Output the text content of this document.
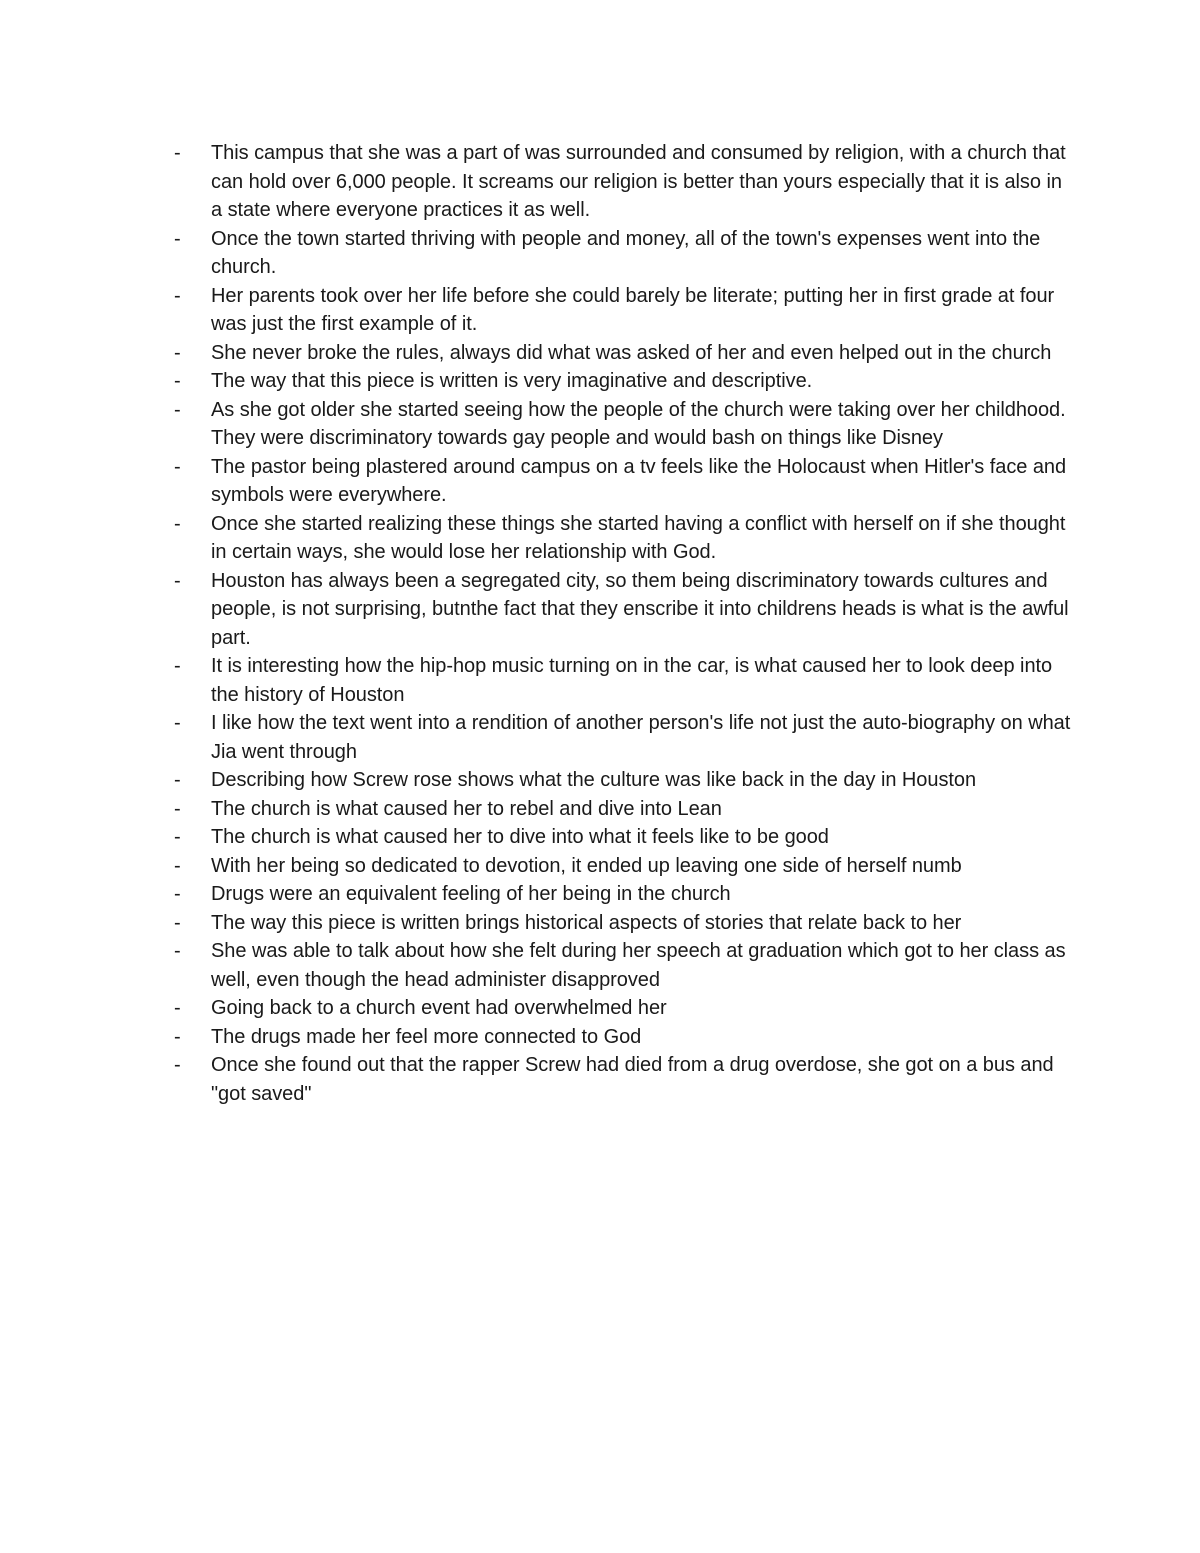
-	This campus that she was a part of was surrounded and consumed by religion, with a church that can hold over 6,000 people. It screams our religion is better than yours especially that it is also in a state where everyone practices it as well.
-	Once the town started thriving with people and money, all of the town's expenses went into the church.
-	Her parents took over her life before she could barely be literate; putting her in first grade at four was just the first example of it.
-	She never broke the rules, always did what was asked of her and even helped out in the church
-	The way that this piece is written is very imaginative and descriptive.
-	As she got older she started seeing how the people of the church were taking over her childhood. They were discriminatory towards gay people and would bash on things like Disney
-	The pastor being plastered around campus on a tv feels like the Holocaust when Hitler's face and symbols were everywhere.
-	Once she started realizing these things she started having a conflict with herself on if she thought in certain ways, she would lose her relationship with God.
-	Houston has always been a segregated city, so them being discriminatory towards cultures and people, is not surprising, butnthe fact that they enscribe it into childrens heads is what is the awful part.
-	It is interesting how the hip-hop music turning on in the car, is what caused her to look deep into the history of Houston
-	I like how the text went into a rendition of another person's life not just the auto-biography on what Jia went through
-	Describing how Screw rose shows what the culture was like back in the day in Houston
-	The church is what caused her to rebel and dive into Lean
-	The church is what caused her to dive into what it feels like to be good
-	With her being so dedicated to devotion, it ended up leaving one side of herself numb
-	Drugs were an equivalent feeling of her being in the church
-	The way this piece is written brings historical aspects of stories that relate back to her
-	She was able to talk about how she felt during her speech at graduation which got to her class as well, even though the head administer disapproved
-	Going back to a church event had overwhelmed her
-	The drugs made her feel more connected to God
-	Once she found out that the rapper Screw had died from a drug overdose, she got on a bus and "got saved"
